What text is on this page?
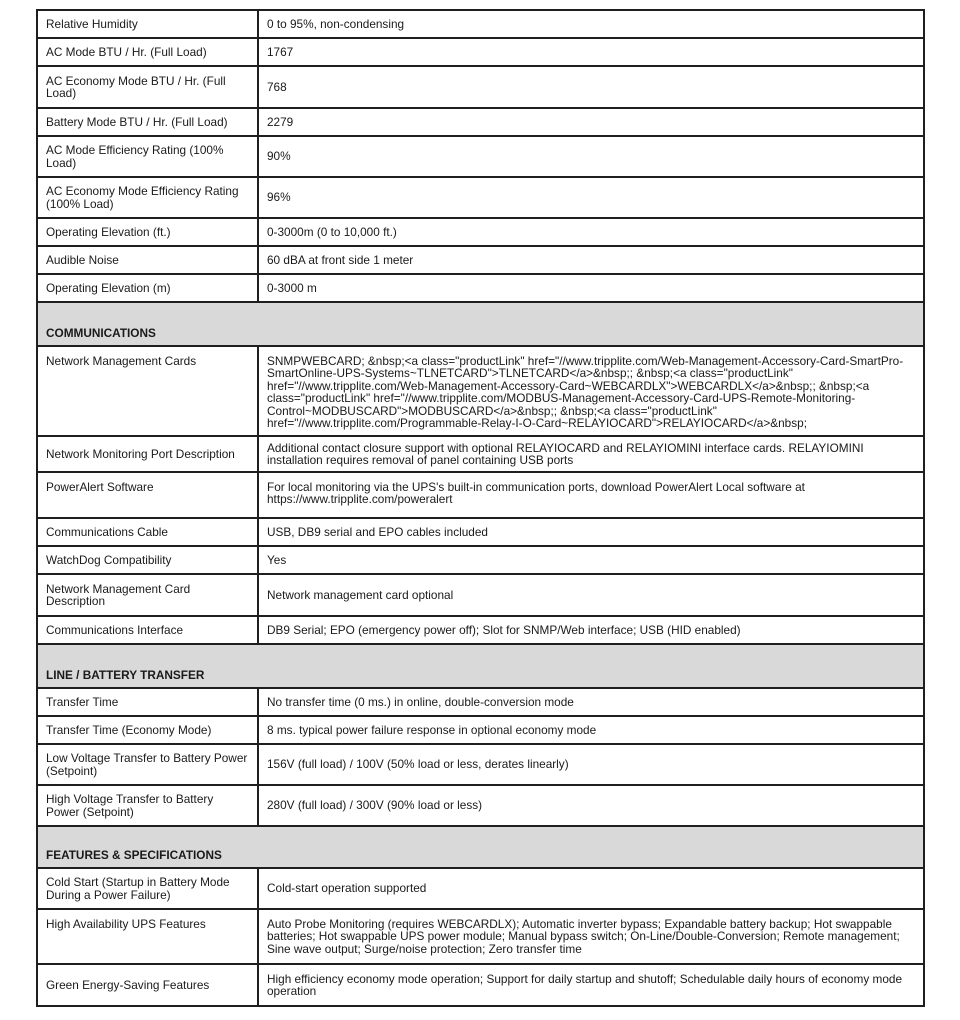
Relative Humidity	0 to 95%, non-condensing
AC Mode BTU / Hr. (Full Load)	1767
AC Economy Mode BTU / Hr. (Full Load)	768
Battery Mode BTU / Hr. (Full Load)	2279
AC Mode Efficiency Rating (100% Load)	90%
AC Economy Mode Efficiency Rating (100% Load)	96%
Operating Elevation (ft.)	0-3000m (0 to 10,000 ft.)
Audible Noise	60 dBA at front side 1 meter
Operating Elevation (m)	0-3000 m
COMMUNICATIONS	
Network Management Cards	SNMPWEBCARD; &nbsp;<a class="productLink" href="//www.tripplite.com/Web-Management-Accessory-Card-SmartPro-SmartOnline-UPS-Systems~TLNETCARD">TLNETCARD</a>&nbsp;; &nbsp;<a class="productLink" href="//www.tripplite.com/Web-Management-Accessory-Card~WEBCARDLX">WEBCARDLX</a>&nbsp;; &nbsp;<a class="productLink" href="//www.tripplite.com/MODBUS-Management-Accessory-Card-UPS-Remote-Monitoring-Control~MODBUSCARD">MODBUSCARD</a>&nbsp;; &nbsp;<a class="productLink" href="//www.tripplite.com/Programmable-Relay-I-O-Card~RELAYIOCARD">RELAYIOCARD</a>&nbsp;
Network Monitoring Port Description	Additional contact closure support with optional RELAYIOCARD and RELAYIOMINI interface cards. RELAYIOMINI installation requires removal of panel containing USB ports
PowerAlert Software	For local monitoring via the UPS's built-in communication ports, download PowerAlert Local software at https://www.tripplite.com/poweralert
Communications Cable	USB, DB9 serial and EPO cables included
WatchDog Compatibility	Yes
Network Management Card Description	Network management card optional
Communications Interface	DB9 Serial; EPO (emergency power off); Slot for SNMP/Web interface; USB (HID enabled)
LINE / BATTERY TRANSFER	
Transfer Time	No transfer time (0 ms.) in online, double-conversion mode
Transfer Time (Economy Mode)	8 ms. typical power failure response in optional economy mode
Low Voltage Transfer to Battery Power (Setpoint)	156V (full load) / 100V (50% load or less, derates linearly)
High Voltage Transfer to Battery Power (Setpoint)	280V (full load) / 300V (90% load or less)
FEATURES & SPECIFICATIONS	
Cold Start (Startup in Battery Mode During a Power Failure)	Cold-start operation supported
High Availability UPS Features	Auto Probe Monitoring (requires WEBCARDLX); Automatic inverter bypass; Expandable battery backup; Hot swappable batteries; Hot swappable UPS power module; Manual bypass switch; On-Line/Double-Conversion; Remote management; Sine wave output; Surge/noise protection; Zero transfer time
Green Energy-Saving Features	High efficiency economy mode operation; Support for daily startup and shutoff; Schedulable daily hours of economy mode operation
